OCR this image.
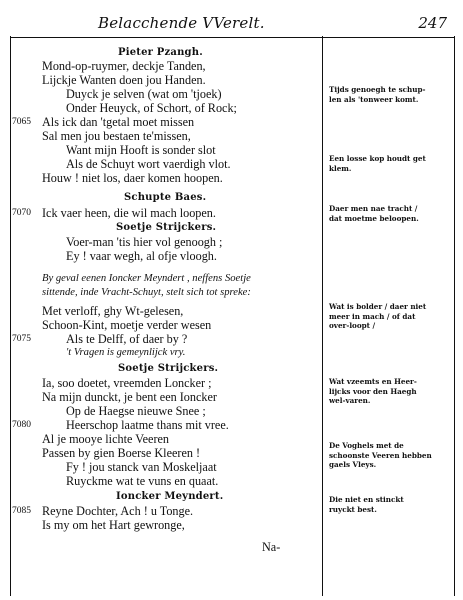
Belacchende VVerelt.	247
Pieter Pzangh.
Mond-op-ruymer, deckje Tanden,
Lijckje Wanten doen jou Handen.
Duyck je selven (wat om 'tjoek)
Onder Heuyck, of Schort, of Rock;
Als ick dan 'tgetal moet missen
Sal men jou bestaen te'missen,
Want mijn Hooft is sonder slot
Als de Schuyt wort vaerdigh vlot.
Houw ! niet los, daer komen hoopen.
Schupte Baes.
Ick vaer heen, die wil mach loopen.
Soetje Strijckers.
Voer-man 'tis hier vol genoogh ;
Ey ! vaar wegh, al ofje vloogh.
By geval eenen Ioncker Meyndert , neffens Soetje
sittende, inde Vracht-Schuyt, stelt sich tot spreke:
Met verloff, ghy Wt-gelesen,
Schoon-Kint, moetje verder wesen
Als te Delff, of daer by ?
't Vragen is gemeynlijck vry.
Soetje Strijckers.
Ia, soo doetet, vreemden Loncker ;
Na mijn dunckt, je bent een Ioncker
Op de Haegse nieuwe Snee ;
Heerschop laatme thans mit vree.
Al je mooye lichte Veeren
Passen by gien Boerse Kleeren !
Fy ! jou stanck van Moskeljaat
Ruyckme wat te vuns en quaat.
Ioncker Meyndert.
Reyne Dochter, Ach ! u Tonge.
Is my om het Hart gewronge,
Na-
7065
7070
7075
7080
7085
Tijds genoegh te schup-
len als 'tonweer komt.
Een losse kop houdt get
klem.
Daer men nae tracht /
dat moetme beloopen.
Wat is bolder / daer niet
meer in mach / of dat
over-loopt /
Wat vzeemts en Heer-
lijcks voor den Haegh
wel-varen.
De Voghels met de
schoonste Veeren hebben
gaels Vleys.
Die niet en stinckt
ruyckt best.
